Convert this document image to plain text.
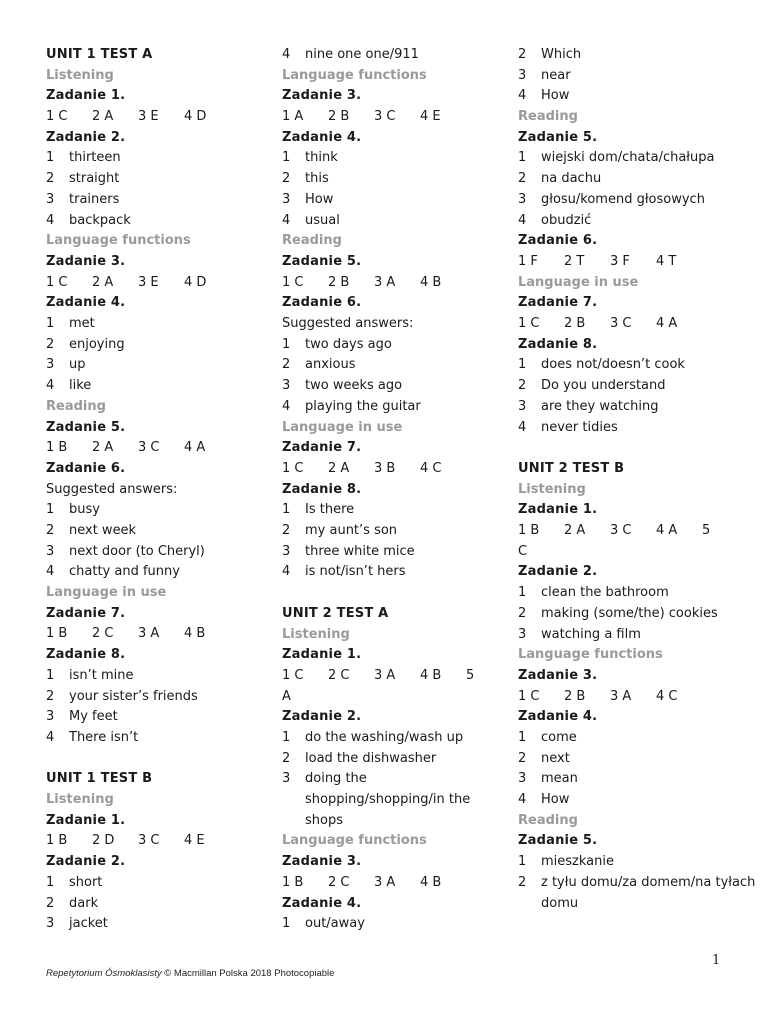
UNIT 1 TEST A
Listening
Zadanie 1.
1 C	2 A	3 E	4 D
Zadanie 2.
1	thirteen
2	straight
3	trainers
4	backpack
Language functions
Zadanie 3.
1 C	2 A	3 E	4 D
Zadanie 4.
1	met
2	enjoying
3	up
4	like
Reading
Zadanie 5.
1 B	2 A	3 C	4 A
Zadanie 6.
Suggested answers:
1	busy
2	next week
3	next door (to Cheryl)
4	chatty and funny
Language in use
Zadanie 7.
1 B	2 C	3 A	4 B
Zadanie 8.
1	isn’t mine
2	your sister’s friends
3	My feet
4	There isn’t
UNIT 1 TEST B
Listening
Zadanie 1.
1 B	2 D	3 C	4 E
Zadanie 2.
1	short
2	dark
3	jacket
4	nine one one/911
Language functions
Zadanie 3.
1 A	2 B	3 C	4 E
Zadanie 4.
1	think
2	this
3	How
4	usual
Reading
Zadanie 5.
1 C	2 B	3 A	4 B
Zadanie 6.
Suggested answers:
1	two days ago
2	anxious
3	two weeks ago
4	playing the guitar
Language in use
Zadanie 7.
1 C	2 A	3 B	4 C
Zadanie 8.
1	Is there
2	my aunt’s son
3	three white mice
4	is not/isn’t hers
UNIT 2 TEST A
Listening
Zadanie 1.
1 C	2 C	3 A	4 B	5
A
Zadanie 2.
1	do the washing/wash up
2	load the dishwasher
3	doing the shopping/shopping/in the shops
Language functions
Zadanie 3.
1 B	2 C	3 A	4 B
Zadanie 4.
1	out/away
2	Which
3	near
4	How
Reading
Zadanie 5.
1	wiejski dom/chata/chałupa
2	na dachu
3	głosu/komend głosowych
4	obudzić
Zadanie 6.
1 F	2 T	3 F	4 T
Language in use
Zadanie 7.
1 C	2 B	3 C	4 A
Zadanie 8.
1	does not/doesn’t cook
2	Do you understand
3	are they watching
4	never tidies
UNIT 2 TEST B
Listening
Zadanie 1.
1 B	2 A	3 C	4 A	5
C
Zadanie 2.
1	clean the bathroom
2	making (some/the) cookies
3	watching a film
Language functions
Zadanie 3.
1 C	2 B	3 A	4 C
Zadanie 4.
1	come
2	next
3	mean
4	How
Reading
Zadanie 5.
1	mieszkanie
2	z tyłu domu/za domem/na tyłach domu
Repetytorium Ósmoklasisty © Macmillan Polska 2018 Photocopiable
1
